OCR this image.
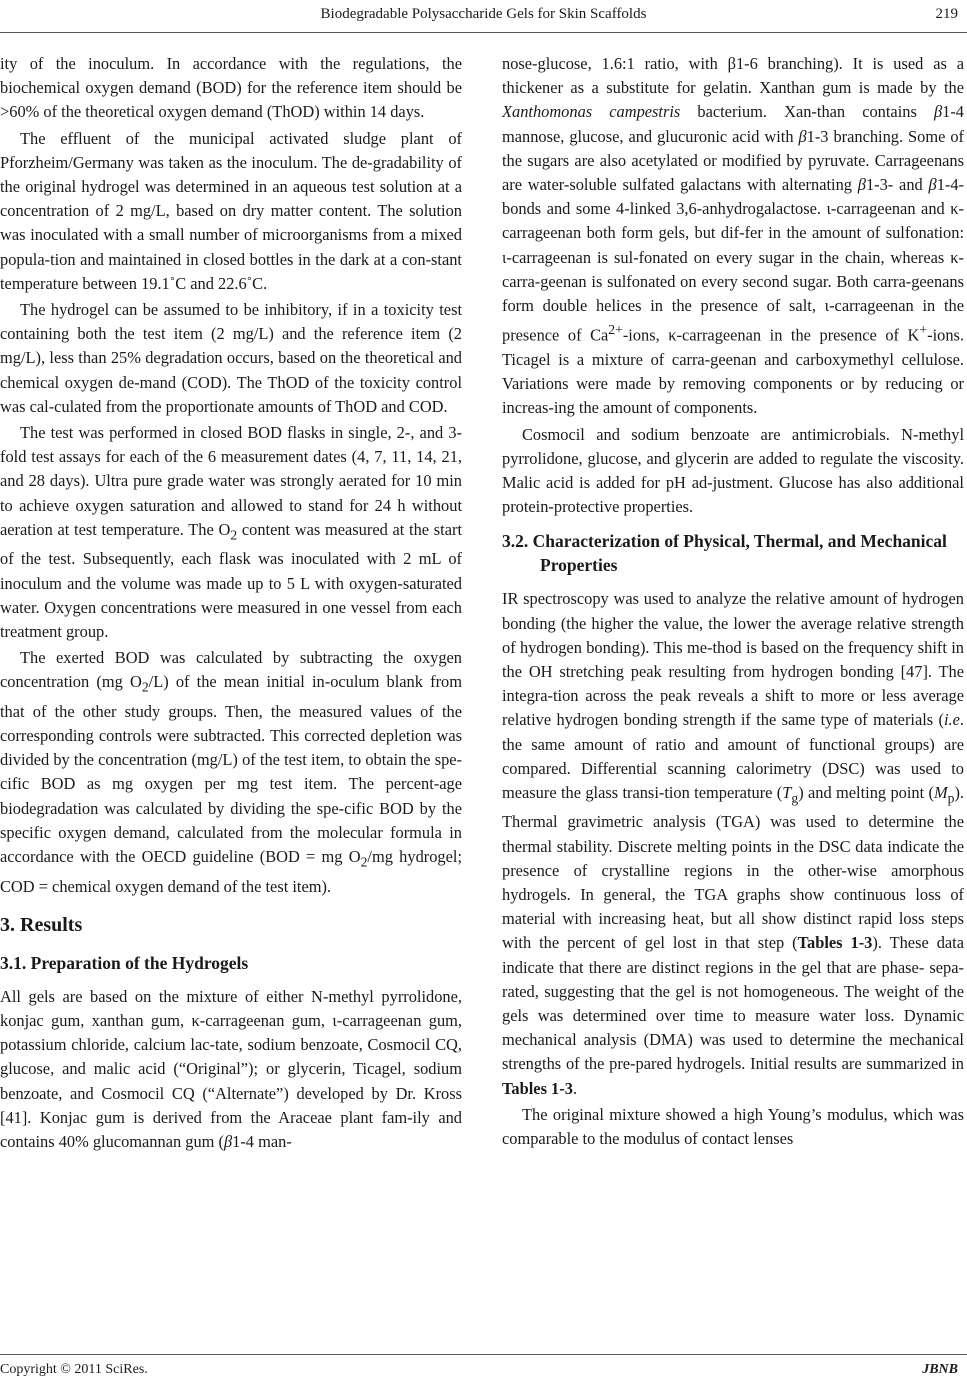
Biodegradable Polysaccharide Gels for Skin Scaffolds	219

ity of the inoculum. In accordance with the regulations, the biochemical oxygen demand (BOD) for the reference item should be >60% of the theoretical oxygen demand (ThOD) within 14 days.

The effluent of the municipal activated sludge plant of Pforzheim/Germany was taken as the inoculum. The de-gradability of the original hydrogel was determined in an aqueous test solution at a concentration of 2 mg/L, based on dry matter content. The solution was inoculated with a small number of microorganisms from a mixed popula-tion and maintained in closed bottles in the dark at a con-stant temperature between 19.1˚C and 22.6˚C.

The hydrogel can be assumed to be inhibitory, if in a toxicity test containing both the test item (2 mg/L) and the reference item (2 mg/L), less than 25% degradation occurs, based on the theoretical and chemical oxygen de-mand (COD). The ThOD of the toxicity control was cal-culated from the proportionate amounts of ThOD and COD.

The test was performed in closed BOD flasks in single, 2-, and 3-fold test assays for each of the 6 measurement dates (4, 7, 11, 14, 21, and 28 days). Ultra pure grade water was strongly aerated for 10 min to achieve oxygen saturation and allowed to stand for 24 h without aeration at test temperature. The $O_2$ content was measured at the start of the test. Subsequently, each flask was inoculated with 2 mL of inoculum and the volume was made up to 5 L with oxygen-saturated water. Oxygen concentrations were measured in one vessel from each treatment group.

The exerted BOD was calculated by subtracting the oxygen concentration (mg $O_2/L$) of the mean initial in-oculum blank from that of the other study groups. Then, the measured values of the corresponding controls were subtracted. This corrected depletion was divided by the concentration (mg/L) of the test item, to obtain the spe-cific BOD as mg oxygen per mg test item. The percent-age biodegradation was calculated by dividing the spe-cific BOD by the specific oxygen demand, calculated from the molecular formula in accordance with the OECD guideline (BOD = mg $O_2/mg$ hydrogel; COD = chemical oxygen demand of the test item).

3. Results
3.1. Preparation of the Hydrogels

All gels are based on the mixture of either N-methyl pyrrolidone, konjac gum, xanthan gum, κ-carrageenan gum, ι-carrageenan gum, potassium chloride, calcium lac-tate, sodium benzoate, Cosmocil CQ, glucose, and malic acid (“Original”); or glycerin, Ticagel, sodium benzoate, and Cosmocil CQ (“Alternate”) developed by Dr. Kross [41]. Konjac gum is derived from the Araceae plant fam-ily and contains 40% glucomannan gum (β1-4 man-

nose-glucose, 1.6:1 ratio, with β1-6 branching). It is used as a thickener as a substitute for gelatin. Xanthan gum is made by the Xanthomonas campestris bacterium. Xan-than contains β1-4 mannose, glucose, and glucuronic acid with β1-3 branching. Some of the sugars are also acetylated or modified by pyruvate. Carrageenans are water-soluble sulfated galactans with alternating β1-3- and β1-4-bonds and some 4-linked 3,6-anhydrogalactose. ι-carrageenan and κ-carrageenan both form gels, but dif-fer in the amount of sulfonation: ι-carrageenan is sul-fonated on every sugar in the chain, whereas κ-carra-geenan is sulfonated on every second sugar. Both carra-geenans form double helices in the presence of salt, ι-carrageenan in the presence of $Ca^{2+}$-ions, κ-carrageenan in the presence of K+-ions. Ticagel is a mixture of carra-geenan and carboxymethyl cellulose. Variations were made by removing components or by reducing or increas-ing the amount of components.

Cosmocil and sodium benzoate are antimicrobials. N-methyl pyrrolidone, glucose, and glycerin are added to regulate the viscosity. Malic acid is added for pH ad-justment. Glucose has also additional protein-protective properties.

3.2. Characterization of Physical, Thermal, and Mechanical Properties

IR spectroscopy was used to analyze the relative amount of hydrogen bonding (the higher the value, the lower the average relative strength of hydrogen bonding). This me-thod is based on the frequency shift in the OH stretching peak resulting from hydrogen bonding [47]. The integra-tion across the peak reveals a shift to more or less average relative hydrogen bonding strength if the same type of materials (i.e. the same amount of ratio and amount of functional groups) are compared. Differential scanning calorimetry (DSC) was used to measure the glass transi-tion temperature $(T_g)$ and melting point $(M_p)$. Thermal gravimetric analysis (TGA) was used to determine the thermal stability. Discrete melting points in the DSC data indicate the presence of crystalline regions in the other-wise amorphous hydrogels. In general, the TGA graphs show continuous loss of material with increasing heat, but all show distinct rapid loss steps with the percent of gel lost in that step (Tables 1-3). These data indicate that there are distinct regions in the gel that are phase- sepa-rated, suggesting that the gel is not homogeneous. The weight of the gels was determined over time to measure water loss. Dynamic mechanical analysis (DMA) was used to determine the mechanical strengths of the pre-pared hydrogels. Initial results are summarized in Tables 1-3.

The original mixture showed a high Young’s modulus, which was comparable to the modulus of contact lenses

Copyright © 2011 SciRes.	JBNB
